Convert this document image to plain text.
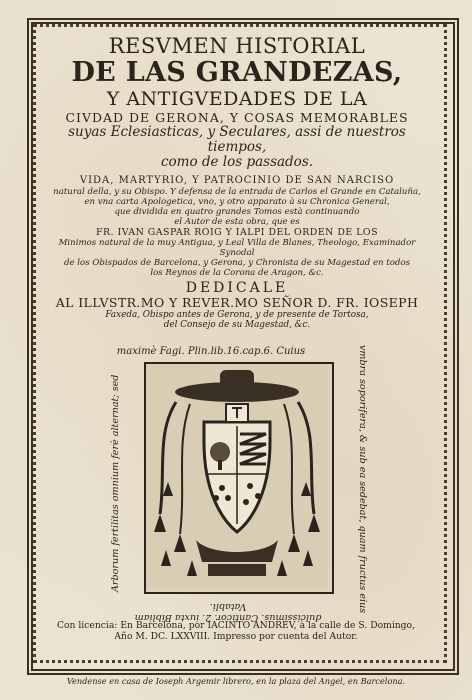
RESVMEN HISTORIAL
DE LAS GRANDEZAS,
Y ANTIGVEDADES DE LA
CIVDAD DE GERONA, Y COSAS MEMORABLES
suyas Eclesiasticas, y Seculares, assi de nuestros tiempos,
como de los passados.
VIDA, MARTYRIO, Y PATROCINIO DE SAN NARCISO
natural della, y su Obispo. Y defensa de la entrada de Carlos el Grande en Cataluña,
en vna carta Apologetica, vno, y otro apparato à su Chronica General,
que dividida en quatro grandes Tomos està continuando
el Autor de esta obra, que es
FR. IVAN GASPAR ROIG Y IALPI DEL ORDEN DE LOS
Minimos natural de la muy Antigua, y Leal Villa de Blanes, Theologo, Examinador Synodal
de los Obispados de Barcelona, y Gerona, y Chronista de su Magestad en todos
los Reynos de la Corona de Aragon, &c.
DEDICALE
AL ILLVSTR.MO Y REVER.MO SEÑOR D. FR. IOSEPH
Faxeda, Obispo antes de Gerona, y de presente de Tortosa,
del Consejo de su Magestad, &c.
maximè Fagi. Plin.lib.16.cap.6. Cuius
Arborum fertilitas omnium ferè alternat; sed	vmbra soporifera, & sub ea sedebat, quam fructus eius
dulcissimus. Canticor. 2. iuxta Bibliam Vatabli.
Con licencia: En Barcelona, por IACINTO ANDREV, à la calle de S. Domingo,
Año M. DC. LXXVIII. Impresso por cuenta del Autor.
Vendense en casa de Ioseph Argemir librero, en la plaza del Angel, en Barcelona.
